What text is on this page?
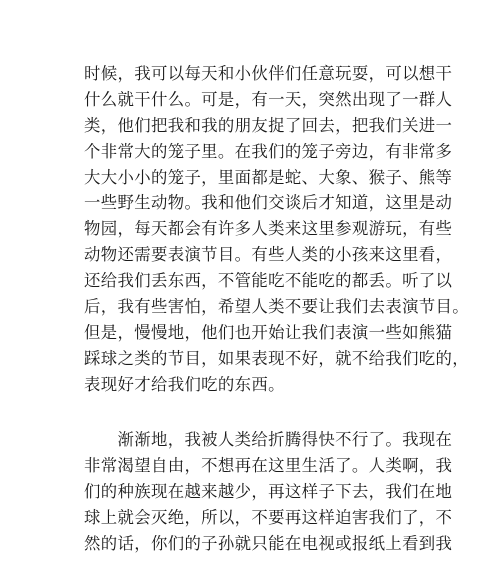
时候，我可以每天和小伙伴们任意玩耍，可以想干
什么就干什么。可是，有一天，突然出现了一群人
类，他们把我和我的朋友捉了回去，把我们关进一
个非常大的笼子里。在我们的笼子旁边，有非常多
大大小小的笼子，里面都是蛇、大象、猴子、熊等
一些野生动物。我和他们交谈后才知道，这里是动
物园，每天都会有许多人类来这里参观游玩，有些
动物还需要表演节目。有些人类的小孩来这里看，
还给我们丢东西，不管能吃不能吃的都丢。听了以
后，我有些害怕，希望人类不要让我们去表演节目。
但是，慢慢地，他们也开始让我们表演一些如熊猫
踩球之类的节目，如果表现不好，就不给我们吃的，
表现好才给我们吃的东西。
　　渐渐地，我被人类给折腾得快不行了。我现在
非常渴望自由，不想再在这里生活了。人类啊，我
们的种族现在越来越少，再这样子下去，我们在地
球上就会灭绝，所以，不要再这样迫害我们了，不
然的话，你们的子孙就只能在电视或报纸上看到我
